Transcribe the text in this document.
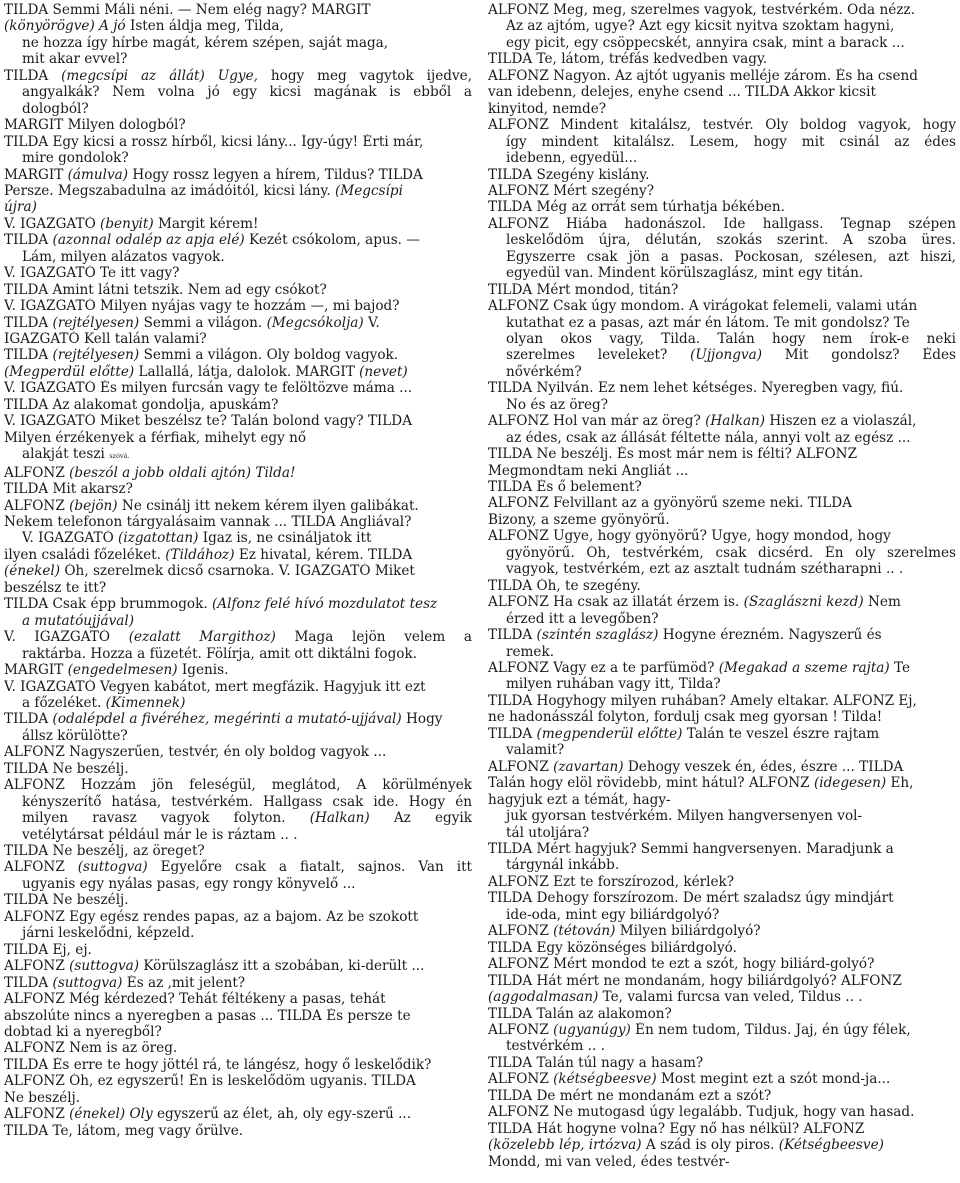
TILDA Semmi Máli néni. — Nem elég nagy? MARGIT
(könyörögve) A jó Isten áldja meg, Tilda,
ne hozza így hírbe magát, kérem szépen, saját maga,
mit akar evvel?
TILDA (megcsípi az állát) Ugye, hogy meg vagytok ijedve,
angyalkák? Nem volna jó egy kicsi magának is ebből a
dologból?
MARGIT Milyen dologból?
TILDA Egy kicsi a rossz hírből, kicsi lány... Így-úgy! Érti már,
mire gondolok?
MARGIT (ámulva) Hogy rossz legyen a hírem, Tildus? TILDA
Persze. Megszabadulna az imádóitól, kicsi lány. (Megcsípi
újra)
V. IGAZGATÓ (benyit) Margit kérem!
TILDA (azonnal odalép az apja elé) Kezét csókolom, apus. —
Lám, milyen alázatos vagyok.
V. IGAZGATÓ Te itt vagy?
TILDA Amint látni tetszik. Nem ad egy csókot?
V. IGAZGATÓ Milyen nyájas vagy te hozzám —, mi bajod?
TILDA (rejtélyesen) Semmi a világon. (Megcsókolja) V.
IGAZGATÓ Kell talán valami?
TILDA (rejtélyesen) Semmi a világon. Oly boldog vagyok.
(Megperdül előtte) Lallallá, látja, dalolok. MARGIT (nevet)
V. IGAZGATÓ És milyen furcsán vagy te felöltözve máma ...
TILDA Az alakomat gondolja, apuskám?
V. IGAZGATÓ Miket beszélsz te? Talán bolond vagy? TILDA
Milyen érzékenyek a férfiak, mihelyt egy nő
alakját teszi szóvá.
ALFONZ (beszól a jobb oldali ajtón) Tilda!
TILDA Mit akarsz?
ALFONZ (bejön) Ne csinálj itt nekem kérem ilyen galibákat.
Nekem telefonon tárgyalásaim vannak ... TILDA Angliával?
V. IGAZGATÓ (izgatottan) Igaz is, ne csináljatok itt
ilyen családi főzeléket. (Tildához) Ez hivatal, kérem. TILDA
(énekel) Óh, szerelmek dicső csarnoka. V. IGAZGATÓ Miket
beszélsz te itt?
TILDA Csak épp brummogok. (Alfonz felé hívó mozdulatot tesz
a mutatóujjával)
V. IGAZGATÓ (ezalatt Margithoz) Maga lejön velem a
raktárba. Hozza a füzetét. Fölírja, amit ott diktálni fogok.
MARGIT (engedelmesen) Igenis.
V. IGAZGATÓ Vegyen kabátot, mert megfázik. Hagyjuk itt ezt
a főzeléket. (Kimennek)
TILDA (odalépdel a fivéréhez, megérinti a mutató-ujjával) Hogy
állsz körülötte?
ALFONZ Nagyszerűen, testvér, én oly boldog vagyok ...
TILDA Ne beszélj.
ALFONZ Hozzám jön feleségül, meglátod, A körülmények
kényszerítő hatása, testvérkém. Hallgass csak ide. Hogy én
milyen ravasz vagyok folyton. (Halkan) Az egyik
vetélytársat például már le is ráztam .. .
TILDA Ne beszélj, az öreget?
ALFONZ (suttogva) Egyelőre csak a fiatalt, sajnos. Van itt
ugyanis egy nyálas pasas, egy rongy könyvelő ...
TILDA Ne beszélj.
ALFONZ Egy egész rendes papas, az a bajom. Az be szokott
járni leskelődni, képzeld.
TILDA Ej, ej.
ALFONZ (suttogva) Körülszaglász itt a szobában, ki-derült ...
TILDA (suttogva) És az ,mit jelent?
ALFONZ Még kérdezed? Tehát féltékeny a pasas, tehát
abszolúte nincs a nyeregben a pasas ... TILDA És persze te
dobtad ki a nyeregből?
ALFONZ Nem is az öreg.
TILDA És erre te hogy jöttél rá, te lángész, hogy ő leskelődik?
ALFONZ Óh, ez egyszerű! Én is leskelődöm ugyanis. TILDA
Ne beszélj.
ALFONZ (énekel) Oly egyszerű az élet, ah, oly egy-szerű ...
TILDA Te, látom, meg vagy őrülve.
ALFONZ Meg, meg, szerelmes vagyok, testvérkém. Oda nézz.
Az az ajtóm, ugye? Azt egy kicsit nyitva szoktam hagyni,
egy picit, egy csöppecskét, annyira csak, mint a barack ...
TILDA Te, látom, tréfás kedvedben vagy.
ALFONZ Nagyon. Az ajtót ugyanis melléje zárom. És ha csend
van idebenn, delejes, enyhe csend ... TILDA Akkor kicsit
kinyitod, nemde?
ALFONZ Mindent kitalálsz, testvér. Oly boldog vagyok, hogy
így mindent kitalálsz. Lesem, hogy mit csinál az édes
idebenn, egyedül...
TILDA Szegény kislány.
ALFONZ Mért szegény?
TILDA Még az orrát sem túrhatja békében.
ALFONZ Hiába hadonászol. Ide hallgass. Tegnap szépen
leskelődöm újra, délután, szokás szerint. A szoba üres.
Egyszerre csak jön a pasas. Pockosan, szélesen, azt hiszi,
egyedül van. Mindent körülszaglász, mint egy titán.
TILDA Mért mondod, titán?
ALFONZ Csak úgy mondom. A virágokat felemeli, valami után
kutathat ez a pasas, azt már én látom. Te mit gondolsz? Te
olyan okos vagy, Tilda. Talán hogy nem írok-e neki
szerelmes leveleket? (Ujjongva) Mit gondolsz? Édes
nővérkém?
TILDA Nyilván. Ez nem lehet kétséges. Nyeregben vagy, fiú.
No és az öreg?
ALFONZ Hol van már az öreg? (Halkan) Hiszen ez a violaszál,
az édes, csak az állását féltette nála, annyi volt az egész ...
TILDA Ne beszélj. És most már nem is félti? ALFONZ
Megmondtam neki Angliát ...
TILDA És ő belement?
ALFONZ Felvillant az a gyönyörű szeme neki. TILDA
Bizony, a szeme gyönyörű.
ALFONZ Ugye, hogy gyönyörű? Ugye, hogy mondod, hogy
gyönyörű. Óh, testvérkém, csak dicsérd. Én oly szerelmes
vagyok, testvérkém, ezt az asztalt tudnám szétharapni .. .
TILDA Óh, te szegény.
ALFONZ Ha csak az illatát érzem is. (Szaglászni kezd) Nem
érzed itt a levegőben?
TILDA (szintén szaglász) Hogyne érezném. Nagyszerű és
remek.
ALFONZ Vagy ez a te parfümöd? (Megakad a szeme rajta) Te
milyen ruhában vagy itt, Tilda?
TILDA Hogyhogy milyen ruhában? Amely eltakar. ALFONZ Ej,
ne hadonásszál folyton, fordulj csak meg gyorsan ! Tilda!
TILDA (megpenderül előtte) Talán te veszel észre rajtam
valamit?
ALFONZ (zavartan) Dehogy veszek én, édes, észre ... TILDA
Talán hogy elöl rövidebb, mint hátul? ALFONZ (idegesen) Eh,
hagyjuk ezt a témát, hagy-
juk gyorsan testvérkém. Milyen hangversenyen vol-
tál utoljára?
TILDA Mért hagyjuk? Semmi hangversenyen. Maradjunk a
tárgynál inkább.
ALFONZ Ezt te forszírozod, kérlek?
TILDA Dehogy forszírozom. De mért szaladsz úgy mindjárt
ide-oda, mint egy biliárdgolyó?
ALFONZ (tétován) Milyen biliárdgolyó?
TILDA Egy közönséges biliárdgolyó.
ALFONZ Mért mondod te ezt a szót, hogy biliárd-golyó?
TILDA Hát mért ne mondanám, hogy biliárdgolyó? ALFONZ
(aggodalmasan) Te, valami furcsa van veled, Tildus .. .
TILDA Talán az alakomon?
ALFONZ (ugyanúgy) Én nem tudom, Tildus. Jaj, én úgy félek,
testvérkém .. .
TILDA Talán túl nagy a hasam?
ALFONZ (kétségbeesve) Most megint ezt a szót mond-ja...
TILDA De mért ne mondanám ezt a szót?
ALFONZ Ne mutogasd úgy legalább. Tudjuk, hogy van hasad.
TILDA Hát hogyne volna? Egy nő has nélkül? ALFONZ
(közelebb lép, irtózva) A szád is oly piros. (Kétségbeesve)
Mondd, mi van veled, édes testvér-
